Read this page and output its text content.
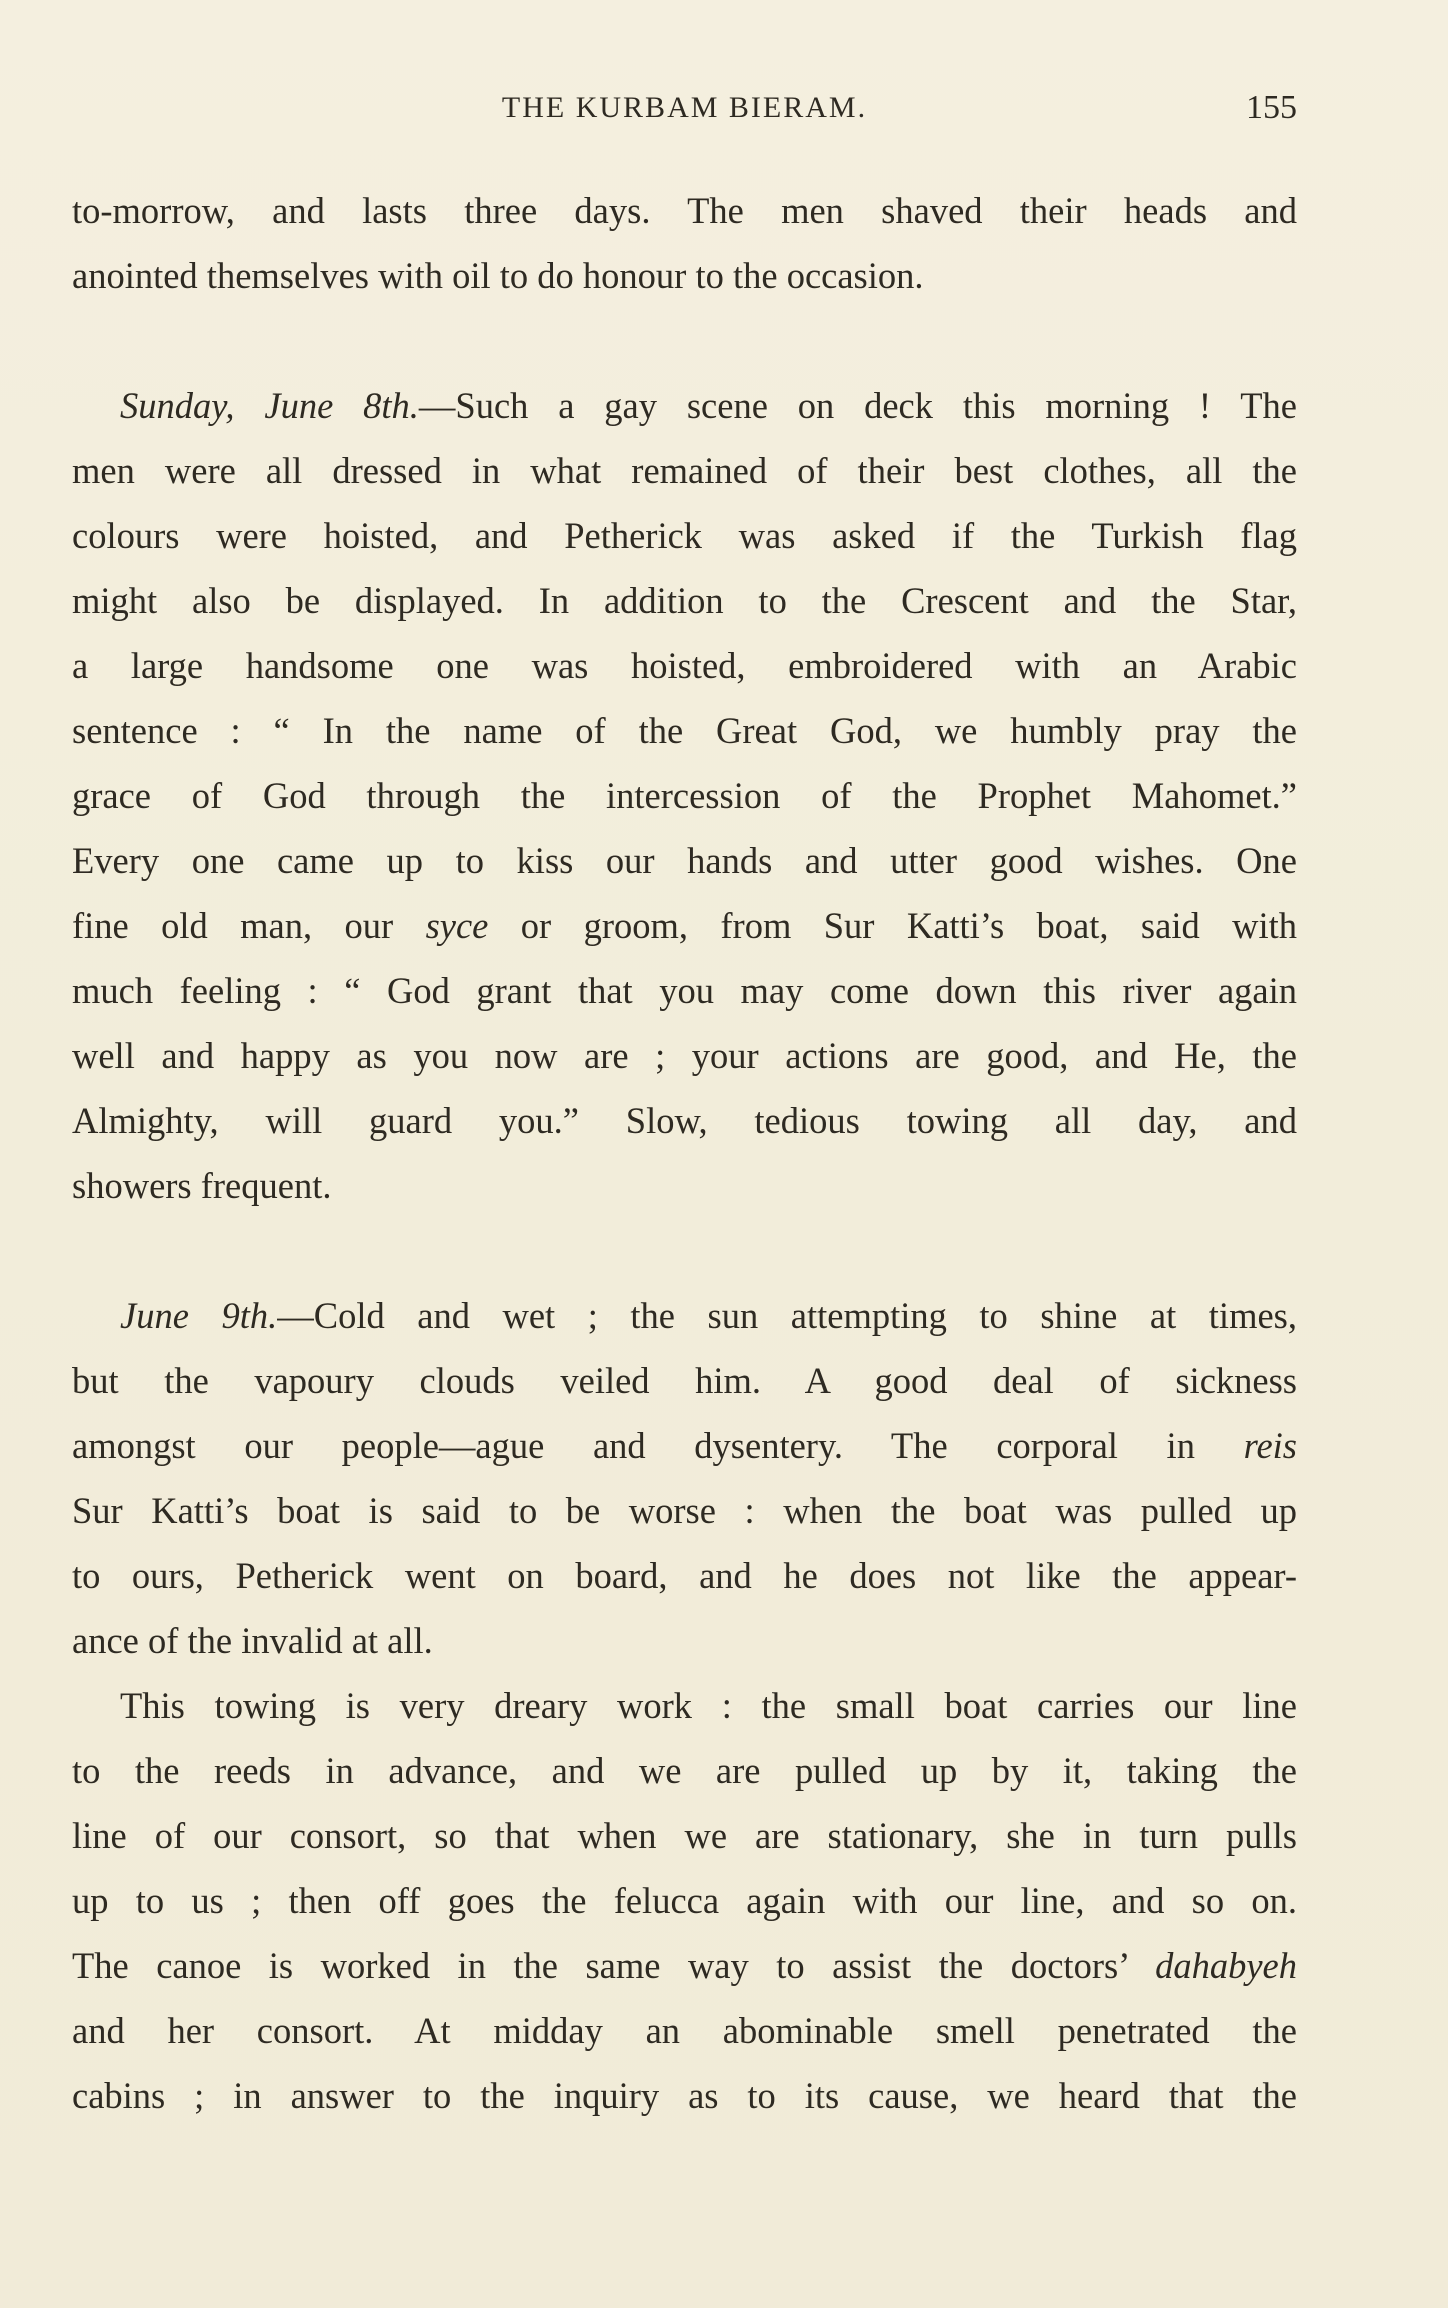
THE KURBAM BIERAM.	155
to-morrow, and lasts three days. The men shaved their heads and
anointed themselves with oil to do honour to the occasion.
Sunday, June 8th.—Such a gay scene on deck this morning ! The
men were all dressed in what remained of their best clothes, all the
colours were hoisted, and Petherick was asked if the Turkish flag
might also be displayed. In addition to the Crescent and the Star,
a large handsome one was hoisted, embroidered with an Arabic
sentence : “ In the name of the Great God, we humbly pray the
grace of God through the intercession of the Prophet Mahomet.”
Every one came up to kiss our hands and utter good wishes. One
fine old man, our syce or groom, from Sur Katti’s boat, said with
much feeling : “ God grant that you may come down this river again
well and happy as you now are ; your actions are good, and He, the
Almighty, will guard you.” Slow, tedious towing all day, and
showers frequent.
June 9th.—Cold and wet ; the sun attempting to shine at times,
but the vapoury clouds veiled him. A good deal of sickness
amongst our people—ague and dysentery. The corporal in reis
Sur Katti’s boat is said to be worse : when the boat was pulled up
to ours, Petherick went on board, and he does not like the appear-
ance of the invalid at all.
This towing is very dreary work : the small boat carries our line
to the reeds in advance, and we are pulled up by it, taking the
line of our consort, so that when we are stationary, she in turn pulls
up to us ; then off goes the felucca again with our line, and so on.
The canoe is worked in the same way to assist the doctors’ dahabyeh
and her consort. At midday an abominable smell penetrated the
cabins ; in answer to the inquiry as to its cause, we heard that the
